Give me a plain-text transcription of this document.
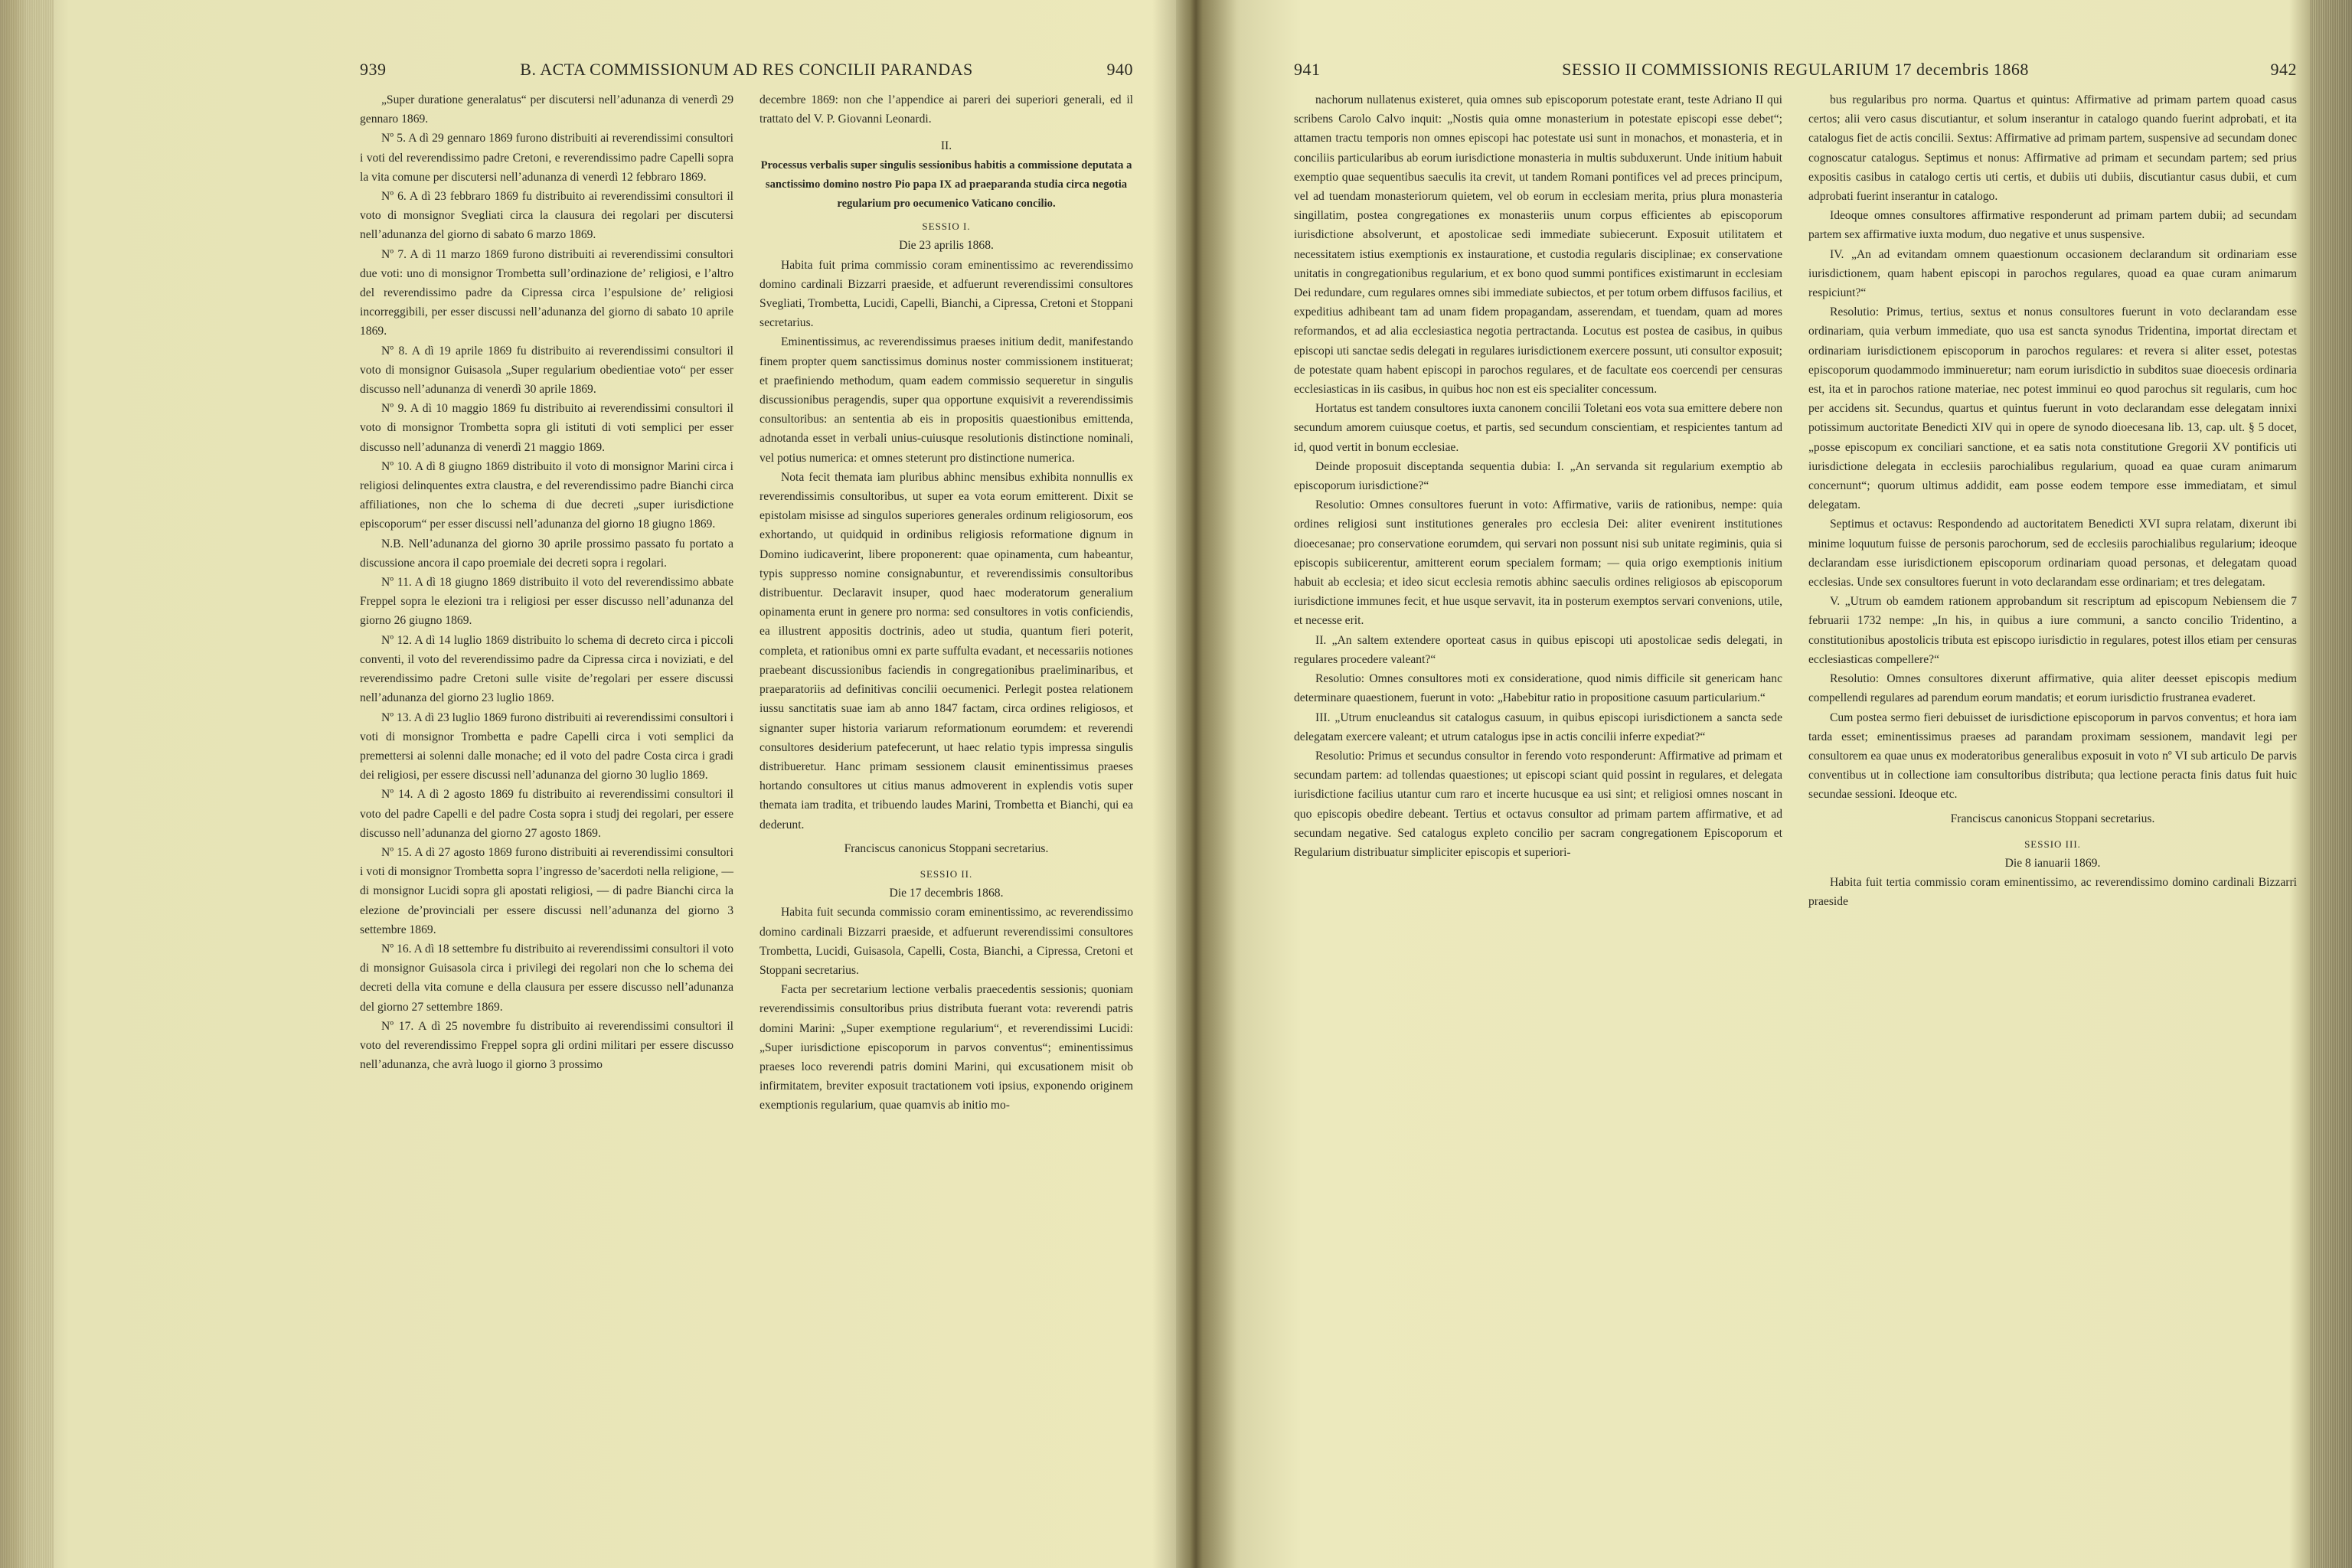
939	B. ACTA COMMISSIONUM AD RES CONCILII PARANDAS	940

„Super duratione generalatus“ per discutersi nell’adunanza di venerdì 29 gennaro 1869.

Nº 5. A dì 29 gennaro 1869 furono distribuiti ai reverendissimi consultori i voti del reverendissimo padre Cretoni, e reverendissimo padre Capelli sopra la vita comune per discutersi nell’adunanza di venerdì 12 febbraro 1869.

Nº 6. A dì 23 febbraro 1869 fu distribuito ai reverendissimi consultori il voto di monsignor Svegliati circa la clausura dei regolari per discutersi nell’adunanza del giorno di sabato 6 marzo 1869.

Nº 7. A dì 11 marzo 1869 furono distribuiti ai reverendissimi consultori due voti: uno di monsignor Trombetta sull’ordinazione de’ religiosi, e l’altro del reverendissimo padre da Cipressa circa l’espulsione de’ religiosi incorreggibili, per esser discussi nell’adunanza del giorno di sabato 10 aprile 1869.

Nº 8. A dì 19 aprile 1869 fu distribuito ai reverendissimi consultori il voto di monsignor Guisasola „Super regularium obedientiae voto“ per esser discusso nell’adunanza di venerdì 30 aprile 1869.

Nº 9. A dì 10 maggio 1869 fu distribuito ai reverendissimi consultori il voto di monsignor Trombetta sopra gli istituti di voti semplici per esser discusso nell’adunanza di venerdì 21 maggio 1869.

Nº 10. A dì 8 giugno 1869 distribuito il voto di monsignor Marini circa i religiosi delinquentes extra claustra, e del reverendissimo padre Bianchi circa affiliationes, non che lo schema di due decreti „super iurisdictione episcoporum“ per esser discussi nell’adunanza del giorno 18 giugno 1869.

N.B. Nell’adunanza del giorno 30 aprile prossimo passato fu portato a discussione ancora il capo proemiale dei decreti sopra i regolari.

Nº 11. A dì 18 giugno 1869 distribuito il voto del reverendissimo abbate Freppel sopra le elezioni tra i religiosi per esser discusso nell’adunanza del giorno 26 giugno 1869.

Nº 12. A dì 14 luglio 1869 distribuito lo schema di decreto circa i piccoli conventi, il voto del reverendissimo padre da Cipressa circa i noviziati, e del reverendissimo padre Cretoni sulle visite de’regolari per essere discussi nell’adunanza del giorno 23 luglio 1869.

Nº 13. A dì 23 luglio 1869 furono distribuiti ai reverendissimi consultori i voti di monsignor Trombetta e padre Capelli circa i voti semplici da premettersi ai solenni dalle monache; ed il voto del padre Costa circa i gradi dei religiosi, per essere discussi nell’adunanza del giorno 30 luglio 1869.

Nº 14. A dì 2 agosto 1869 fu distribuito ai reverendissimi consultori il voto del padre Capelli e del padre Costa sopra i studj dei regolari, per essere discusso nell’adunanza del giorno 27 agosto 1869.

Nº 15. A dì 27 agosto 1869 furono distribuiti ai reverendissimi consultori i voti di monsignor Trombetta sopra l’ingresso de’sacerdoti nella religione, — di monsignor Lucidi sopra gli apostati religiosi, — di padre Bianchi circa la elezione de’provinciali per essere discussi nell’adunanza del giorno 3 settembre 1869.

Nº 16. A dì 18 settembre fu distribuito ai reverendissimi consultori il voto di monsignor Guisasola circa i privilegi dei regolari non che lo schema dei decreti della vita comune e della clausura per essere discusso nell’adunanza del giorno 27 settembre 1869.

Nº 17. A dì 25 novembre fu distribuito ai reverendissimi consultori il voto del reverendissimo Freppel sopra gli ordini militari per essere discusso nell’adunanza, che avrà luogo il giorno 3 prossimo

decembre 1869: non che l’appendice ai pareri dei superiori generali, ed il trattato del V. P. Giovanni Leonardi.

II.

Processus verbalis super singulis sessionibus habitis a commissione deputata a sanctissimo domino nostro Pio papa IX ad praeparanda studia circa negotia regularium pro oecumenico Vaticano concilio.

SESSIO I.

Die 23 aprilis 1868.

Habita fuit prima commissio coram eminentissimo ac reverendissimo domino cardinali Bizzarri praeside, et adfuerunt reverendissimi consultores Svegliati, Trombetta, Lucidi, Capelli, Bianchi, a Cipressa, Cretoni et Stoppani secretarius.

Eminentissimus, ac reverendissimus praeses initium dedit, manifestando finem propter quem sanctissimus dominus noster commissionem instituerat; et praefiniendo methodum, quam eadem commissio sequeretur in singulis discussionibus peragendis, super qua opportune exquisivit a reverendissimis consultoribus: an sententia ab eis in propositis quaestionibus emittenda, adnotanda esset in verbali unius-cuiusque resolutionis distinctione nominali, vel potius numerica: et omnes steterunt pro distinctione numerica.

Nota fecit themata iam pluribus abhinc mensibus exhibita nonnullis ex reverendissimis consultoribus, ut super ea vota eorum emitterent. Dixit se epistolam misisse ad singulos superiores generales ordinum religiosorum, eos exhortando, ut quidquid in ordinibus religiosis reformatione dignum in Domino iudicaverint, libere proponerent: quae opinamenta, cum habeantur, typis suppresso nomine consignabuntur, et reverendissimis consultoribus distribuentur. Declaravit insuper, quod haec moderatorum generalium opinamenta erunt in genere pro norma: sed consultores in votis conficiendis, ea illustrent appositis doctrinis, adeo ut studia, quantum fieri poterit, completa, et rationibus omni ex parte suffulta evadant, et necessariis notiones praebeant discussionibus faciendis in congregationibus praeliminaribus, et praeparatoriis ad definitivas concilii oecumenici. Perlegit postea relationem iussu sanctitatis suae iam ab anno 1847 factam, circa ordines religiosos, et signanter super historia variarum reformationum eorumdem: et reverendi consultores desiderium patefecerunt, ut haec relatio typis impressa singulis distribueretur. Hanc primam sessionem clausit eminentissimus praeses hortando consultores ut citius manus admoverent in explendis votis super themata iam tradita, et tribuendo laudes Marini, Trombetta et Bianchi, qui ea dederunt.

Franciscus canonicus Stoppani secretarius.

SESSIO II.

Die 17 decembris 1868.

Habita fuit secunda commissio coram eminentissimo, ac reverendissimo domino cardinali Bizzarri praeside, et adfuerunt reverendissimi consultores Trombetta, Lucidi, Guisasola, Capelli, Costa, Bianchi, a Cipressa, Cretoni et Stoppani secretarius.

Facta per secretarium lectione verbalis praecedentis sessionis; quoniam reverendissimis consultoribus prius distributa fuerant vota: reverendi patris domini Marini: „Super exemptione regularium“, et reverendissimi Lucidi: „Super iurisdictione episcoporum in parvos conventus“; eminentissimus praeses loco reverendi patris domini Marini, qui excusationem misit ob infirmitatem, breviter exposuit tractationem voti ipsius, exponendo originem exemptionis regularium, quae quamvis ab initio mo-

941	SESSIO II COMMISSIONIS REGULARIUM 17 decembris 1868	942

nachorum nullatenus existeret, quia omnes sub episcoporum potestate erant, teste Adriano II qui scribens Carolo Calvo inquit: „Nostis quia omne monasterium in potestate episcopi esse debet“; attamen tractu temporis non omnes episcopi hac potestate usi sunt in monachos, et monasteria, et in conciliis particularibus ab eorum iurisdictione monasteria in multis subduxerunt. Unde initium habuit exemptio quae sequentibus saeculis ita crevit, ut tandem Romani pontifices vel ad preces principum, vel ad tuendam monasteriorum quietem, vel ob eorum in ecclesiam merita, prius plura monasteria singillatim, postea congregationes ex monasteriis unum corpus efficientes ab episcoporum iurisdictione absolverunt, et apostolicae sedi immediate subiecerunt. Exposuit utilitatem et necessitatem istius exemptionis ex instauratione, et custodia regularis disciplinae; ex conservatione unitatis in congregationibus regularium, et ex bono quod summi pontifices existimarunt in ecclesiam Dei redundare, cum regulares omnes sibi immediate subiectos, et per totum orbem diffusos facilius, et expeditius adhibeant tam ad unam fidem propagandam, asserendam, et tuendam, quam ad mores reformandos, et ad alia ecclesiastica negotia pertractanda. Locutus est postea de casibus, in quibus episcopi uti sanctae sedis delegati in regulares iurisdictionem exercere possunt, uti consultor exposuit; de potestate quam habent episcopi in parochos regulares, et de facultate eos coercendi per censuras ecclesiasticas in iis casibus, in quibus hoc non est eis specialiter concessum.

Hortatus est tandem consultores iuxta canonem concilii Toletani eos vota sua emittere debere non secundum amorem cuiusque coetus, et partis, sed secundum conscientiam, et respicientes tantum ad id, quod vertit in bonum ecclesiae.

Deinde proposuit disceptanda sequentia dubia: I. „An servanda sit regularium exemptio ab episcoporum iurisdictione?“

Resolutio: Omnes consultores fuerunt in voto: Affirmative, variis de rationibus, nempe: quia ordines religiosi sunt institutiones generales pro ecclesia Dei: aliter evenirent institutiones dioecesanae; pro conservatione eorumdem, qui servari non possunt nisi sub unitate regiminis, quia si episcopis subiicerentur, amitterent eorum specialem formam; — quia origo exemptionis initium habuit ab ecclesia; et ideo sicut ecclesia remotis abhinc saeculis ordines religiosos ab episcoporum iurisdictione immunes fecit, et hue usque servavit, ita in posterum exemptos servari convenions, utile, et necesse erit.

II. „An saltem extendere oporteat casus in quibus episcopi uti apostolicae sedis delegati, in regulares procedere valeant?“

Resolutio: Omnes consultores moti ex consideratione, quod nimis difficile sit genericam hanc determinare quaestionem, fuerunt in voto: „Habebitur ratio in propositione casuum particularium.“

III. „Utrum enucleandus sit catalogus casuum, in quibus episcopi iurisdictionem a sancta sede delegatam exercere valeant; et utrum catalogus ipse in actis concilii inferre expediat?“

Resolutio: Primus et secundus consultor in ferendo voto responderunt: Affirmative ad primam et secundam partem: ad tollendas quaestiones; ut episcopi sciant quid possint in regulares, et delegata iurisdictione facilius utantur cum raro et incerte hucusque ea usi sint; et religiosi omnes noscant in quo episcopis obedire debeant. Tertius et octavus consultor ad primam partem affirmative, et ad secundam negative. Sed catalogus expleto concilio per sacram congregationem Episcoporum et Regularium distribuatur simpliciter episcopis et superiori-

bus regularibus pro norma. Quartus et quintus: Affirmative ad primam partem quoad casus certos; alii vero casus discutiantur, et solum inserantur in catalogo quando fuerint adprobati, et ita catalogus fiet de actis concilii. Sextus: Affirmative ad primam partem, suspensive ad secundam donec cognoscatur catalogus. Septimus et nonus: Affirmative ad primam et secundam partem; sed prius expositis casibus in catalogo certis uti certis, et dubiis uti dubiis, discutiantur casus dubii, et cum adprobati fuerint inserantur in catalogo.

Ideoque omnes consultores affirmative responderunt ad primam partem dubii; ad secundam partem sex affirmative iuxta modum, duo negative et unus suspensive.

IV. „An ad evitandam omnem quaestionum occasionem declarandum sit ordinariam esse iurisdictionem, quam habent episcopi in parochos regulares, quoad ea quae curam animarum respiciunt?“

Resolutio: Primus, tertius, sextus et nonus consultores fuerunt in voto declarandam esse ordinariam, quia verbum immediate, quo usa est sancta synodus Tridentina, importat directam et ordinariam iurisdictionem episcoporum in parochos regulares: et revera si aliter esset, potestas episcoporum quodammodo imminueretur; nam eorum iurisdictio in subditos suae dioecesis ordinaria est, ita et in parochos ratione materiae, nec potest imminui eo quod parochus sit regularis, cum hoc per accidens sit. Secundus, quartus et quintus fuerunt in voto declarandam esse delegatam innixi potissimum auctoritate Benedicti XIV qui in opere de synodo dioecesana lib. 13, cap. ult. § 5 docet, „posse episcopum ex conciliari sanctione, et ea satis nota constitutione Gregorii XV pontificis uti iurisdictione delegata in ecclesiis parochialibus regularium, quoad ea quae curam animarum concernunt“; quorum ultimus addidit, eam posse eodem tempore esse immediatam, et simul delegatam.

Septimus et octavus: Respondendo ad auctoritatem Benedicti XVI supra relatam, dixerunt ibi minime loquutum fuisse de personis parochorum, sed de ecclesiis parochialibus regularium; ideoque declarandam esse iurisdictionem episcoporum ordinariam quoad personas, et delegatam quoad ecclesias. Unde sex consultores fuerunt in voto declarandam esse ordinariam; et tres delegatam.

V. „Utrum ob eamdem rationem approbandum sit rescriptum ad episcopum Nebiensem die 7 februarii 1732 nempe: „In his, in quibus a iure communi, a sancto concilio Tridentino, a constitutionibus apostolicis tributa est episcopo iurisdictio in regulares, potest illos etiam per censuras ecclesiasticas compellere?“

Resolutio: Omnes consultores dixerunt affirmative, quia aliter deesset episcopis medium compellendi regulares ad parendum eorum mandatis; et eorum iurisdictio frustranea evaderet.

Cum postea sermo fieri debuisset de iurisdictione episcoporum in parvos conventus; et hora iam tarda esset; eminentissimus praeses ad parandam proximam sessionem, mandavit legi per consultorem ea quae unus ex moderatoribus generalibus exposuit in voto nº VI sub articulo De parvis conventibus ut in collectione iam consultoribus distributa; qua lectione peracta finis datus fuit huic secundae sessioni. Ideoque etc.

Franciscus canonicus Stoppani secretarius.

SESSIO III.

Die 8 ianuarii 1869.

Habita fuit tertia commissio coram eminentissimo, ac reverendissimo domino cardinali Bizzarri praeside
